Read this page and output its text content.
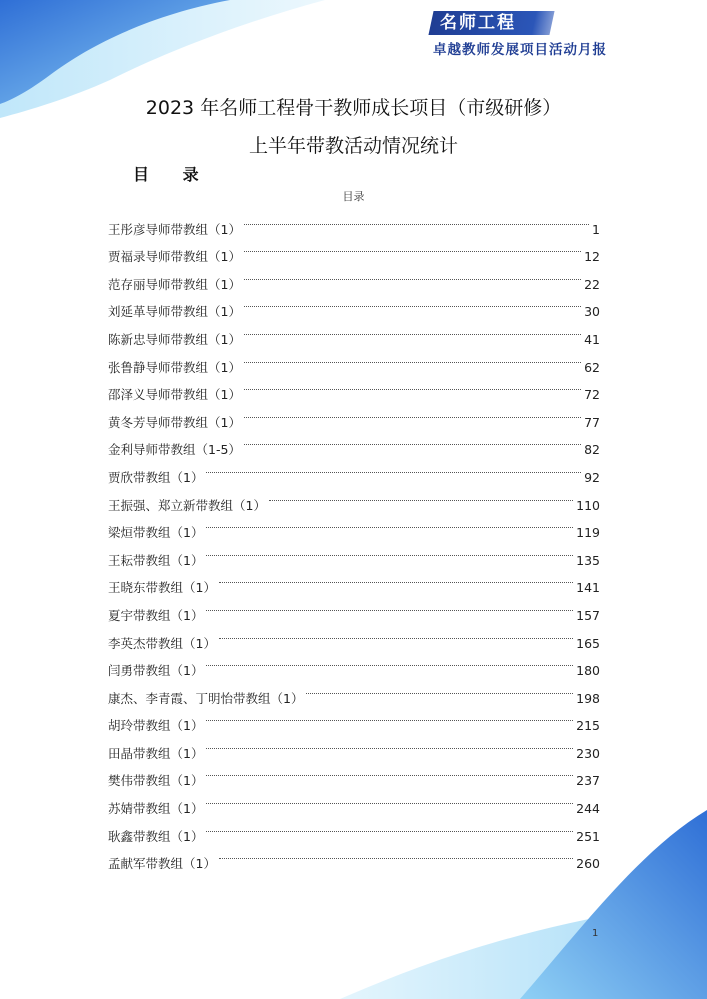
名师工程
卓越教师发展项目活动月报
2023 年名师工程骨干教师成长项目（市级研修）
上半年带教活动情况统计
目 录
目录
王彤彦导师带教组（1）	1
贾福录导师带教组（1）	12
范存丽导师带教组（1）	22
刘延革导师带教组（1）	30
陈新忠导师带教组（1）	41
张鲁静导师带教组（1）	62
邵泽义导师带教组（1）	72
黄冬芳导师带教组（1）	77
金利导师带教组（1-5）	82
贾欣带教组（1）	92
王振强、郑立新带教组（1）	110
梁烜带教组（1）	119
王耘带教组（1）	135
王晓东带教组（1）	141
夏宇带教组（1）	157
李英杰带教组（1）	165
闫勇带教组（1）	180
康杰、李青霞、丁明怡带教组（1）	198
胡玲带教组（1）	215
田晶带教组（1）	230
樊伟带教组（1）	237
苏婧带教组（1）	244
耿鑫带教组（1）	251
孟献军带教组（1）	260
1
